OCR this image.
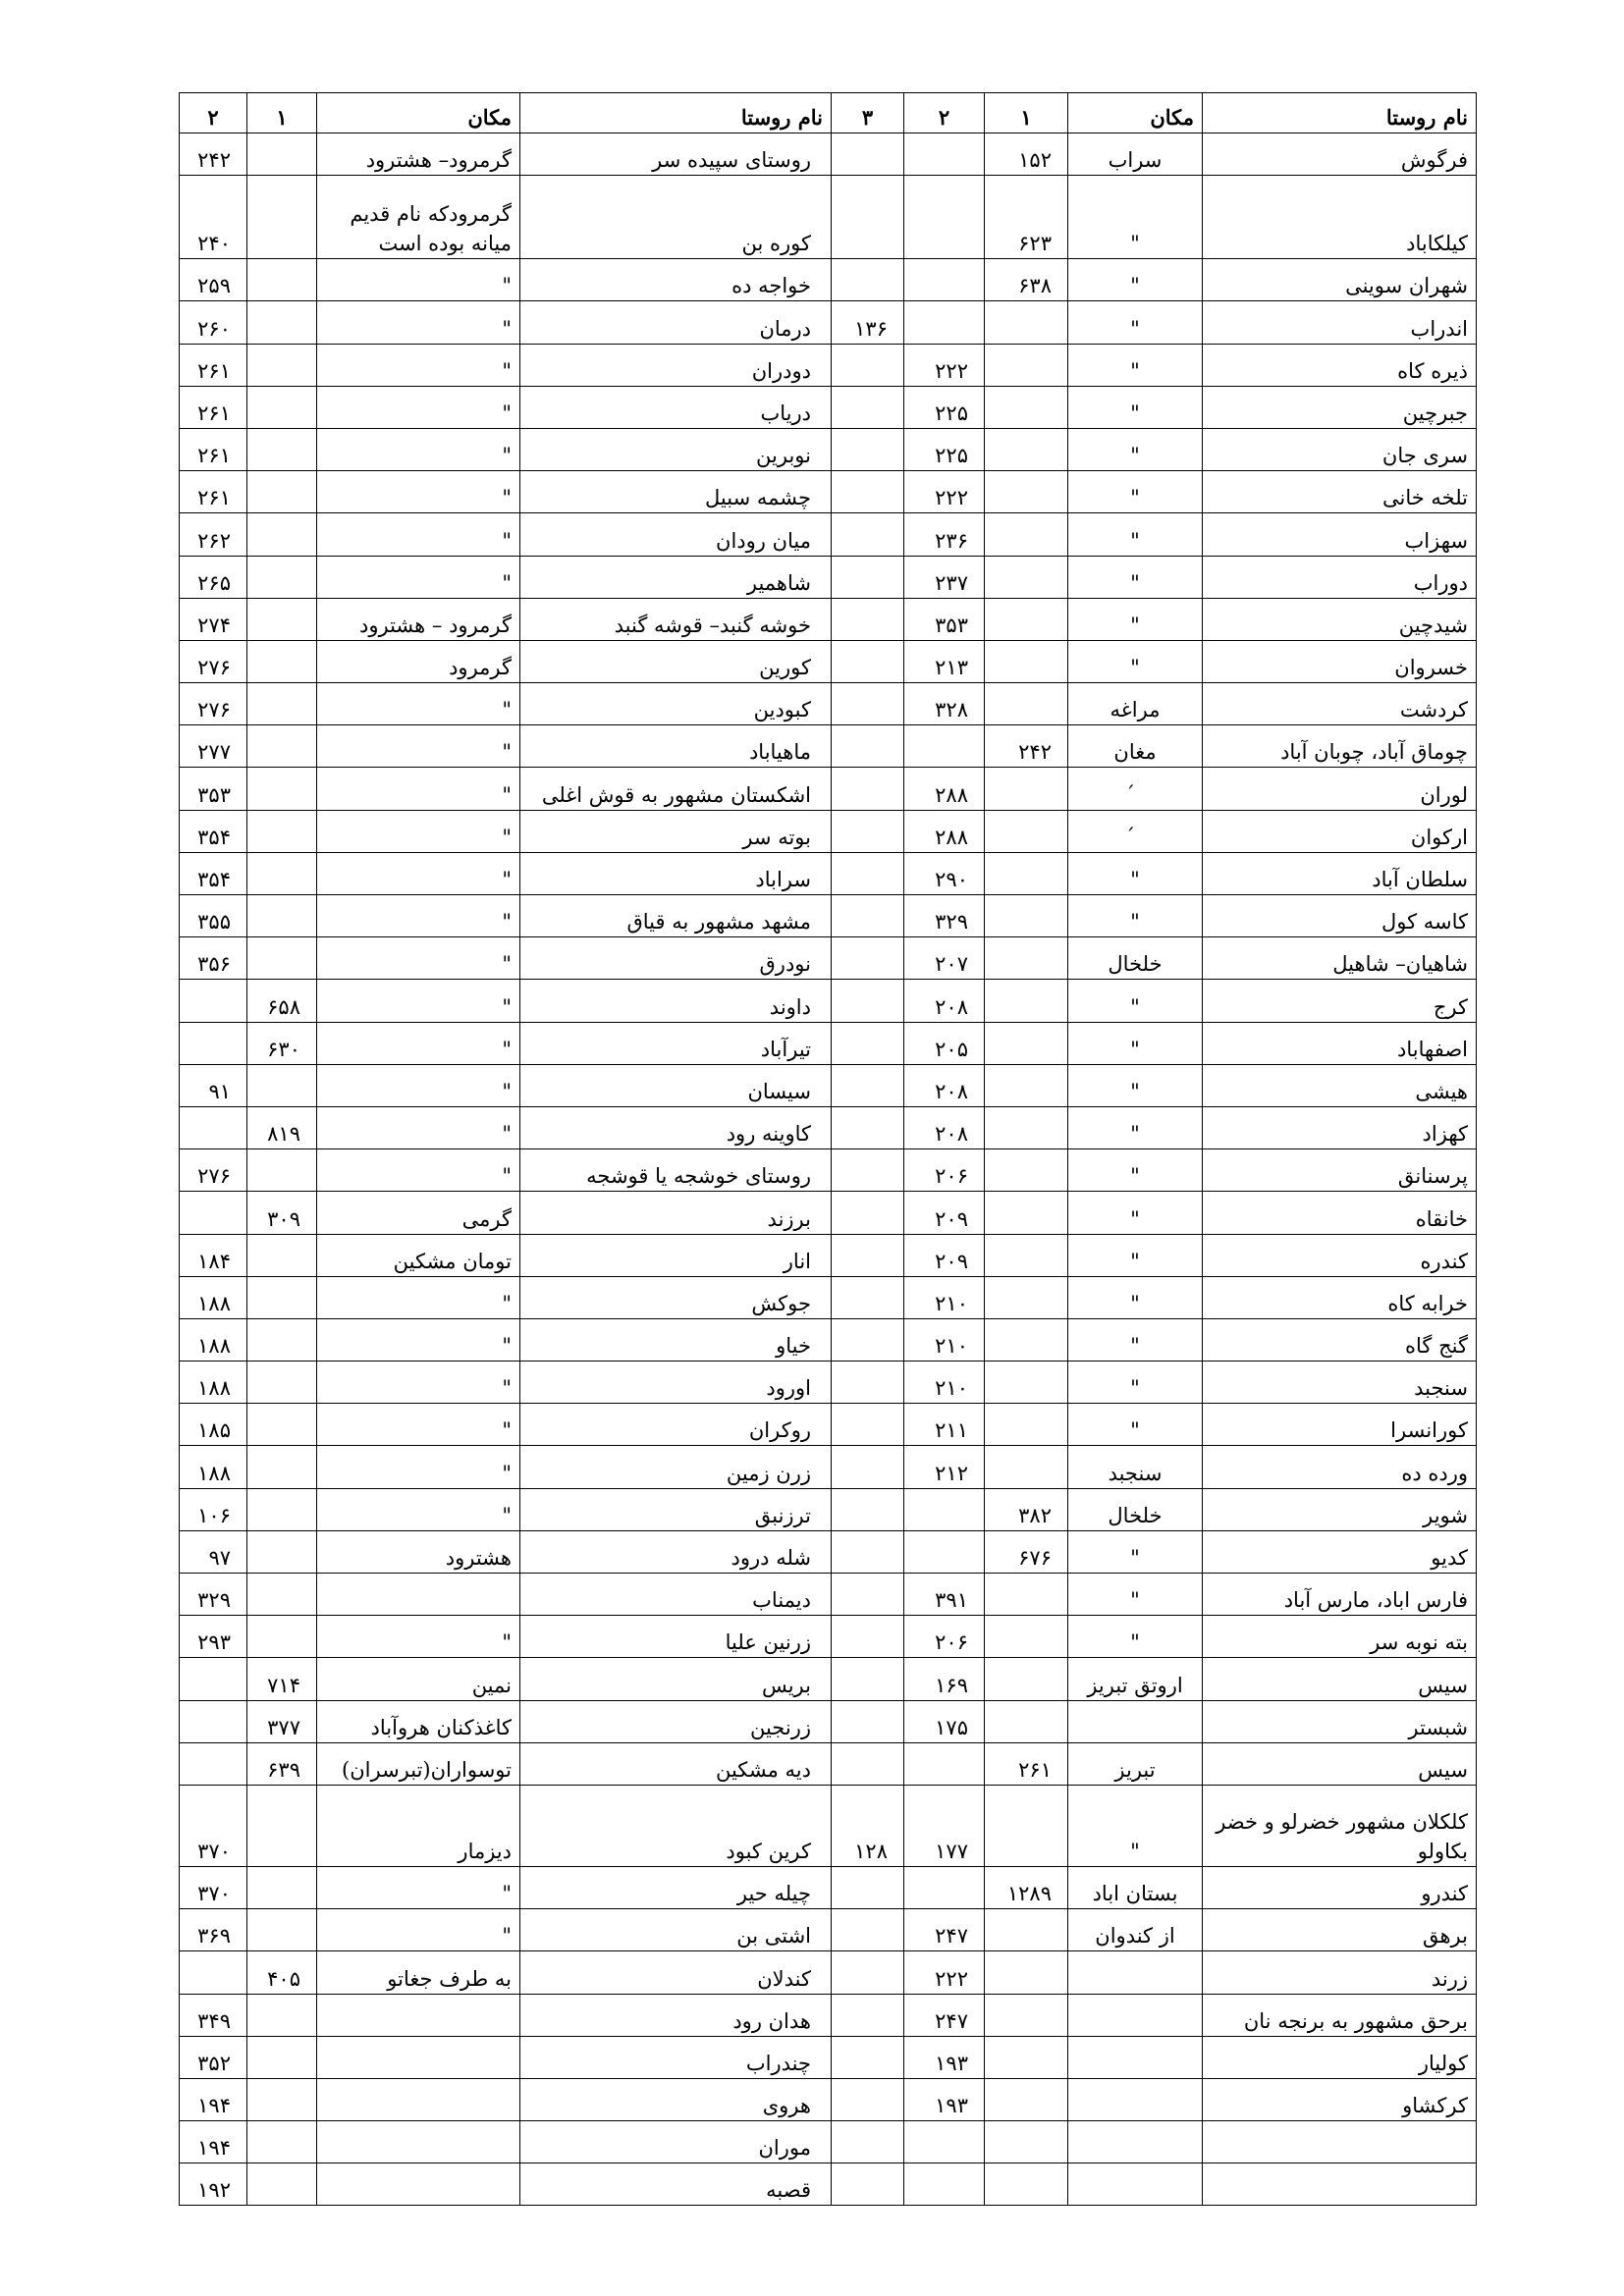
۲	۱	مکان	نام روستا	۳	۲	۱	مکان	نام روستا
۲۴۲		گرمرود– هشترود	روستای سپیده سر			۱۵۲	سراب	فرگوش
۲۴۰		گرمرودکه نام قدیم میانه بوده است	کوره بن			۶۲۳	"	کيلکاباد
۲۵۹		"	خواجه ده			۶۳۸	"	شهران سوينی
۲۶۰		"	درمان	۱۳۶			"	اندراب
۲۶۱		"	دودران		۲۲۲		"	ذيره كاه
۲۶۱		"	درياب		۲۲۵		"	جبرچين
۲۶۱		"	نوبرين		۲۲۵		"	سری جان
۲۶۱		"	چشمه سبيل		۲۲۲		"	تلخه خانی
۲۶۲		"	ميان رودان		۲۳۶		"	سهزاب
۲۶۵		"	شاهمير		۲۳۷		"	دوراب
۲۷۴		گرمرود – هشترود	خوشه گنبد– قوشه گنبد		۳۵۳		"	شيدچين
۲۷۶		گرمرود	كورين		۲۱۳		"	خسروان
۲۷۶		"	کبودين		۳۲۸		مراغه	کردشت
۲۷۷		"	ماهياباد			۲۴۲	مغان	چوماق آباد، چوبان آباد
۳۵۳		"	اشکستان مشهور به قوش اغلی		۲۸۸			لوران
۳۵۴		"	بوته سر		۲۸۸			اركوان
۳۵۴		"	سراباد		۲۹۰		"	سلطان آباد
۳۵۵		"	مشهد مشهور به قياق		۳۲۹		"	کاسه كول
۳۵۶		"	نودرق		۲۰۷		خلخال	شاهيان– شاهيل
	۶۵۸	"	داوند		۲۰۸		"	کرج
	۶۳۰	"	تيرآباد		۲۰۵		"	اصفهاباد
۹۱		"	سيسان		۲۰۸		"	هيشی
	۸۱۹	"	کاوينه رود		۲۰۸		"	کهزاد
۲۷۶		"	روستای خوشجه يا قوشجه		۲۰۶		"	پرسنانق
	۳۰۹	گرمی	برزند		۲۰۹		"	خانقاه
۱۸۴		تومان مشکين	انار		۲۰۹		"	کندره
۱۸۸		"	جوکش		۲۱۰		"	خرابه کاه
۱۸۸		"	خياو		۲۱۰		"	گنج گاه
۱۸۸		"	اورود		۲۱۰		"	سنجبد
۱۸۵		"	روكران		۲۱۱		"	كورانسرا
۱۸۸		"	زرن زمين		۲۱۲		سنجبد	ورده ده
۱۰۶		"	ترزنبق			۳۸۲	خلخال	شوير
۹۷		هشترود	شله درود			۶۷۶	"	کديو
۳۲۹			ديمناب		۳۹۱		"	فارس اباد، مارس آباد
۲۹۳		"	زرنين عليا		۲۰۶		"	بته نوبه سر
	۷۱۴	نمين	بريس		۱۶۹		اروتق تبريز	سيس
	۳۷۷	کاغذکنان هروآباد	زرنجين		۱۷۵			شبستر
	۶۳۹	توسواران(تبرسران)	ديه مشکين			۲۶۱	تبريز	سيس
۳۷۰		ديزمار	کرين كبود	۱۲۸	۱۷۷		"	کلکلان مشهور خضرلو و خضر بکاولو
۳۷۰		"	چيله حير			۱۲۸۹	بستان اباد	كندرو
۳۶۹		"	اشتی بن		۲۴۷		از کندوان	برهق
	۴۰۵	به طرف جغاتو	كندلان		۲۲۲			زرند
۳۴۹			هدان رود		۲۴۷			برحق مشهور به برنجه نان
۳۵۲			چندراب		۱۹۳			كوليار
۱۹۴			هروی		۱۹۳			کرکشاو
۱۹۴			موران					
۱۹۲			قصبه					
